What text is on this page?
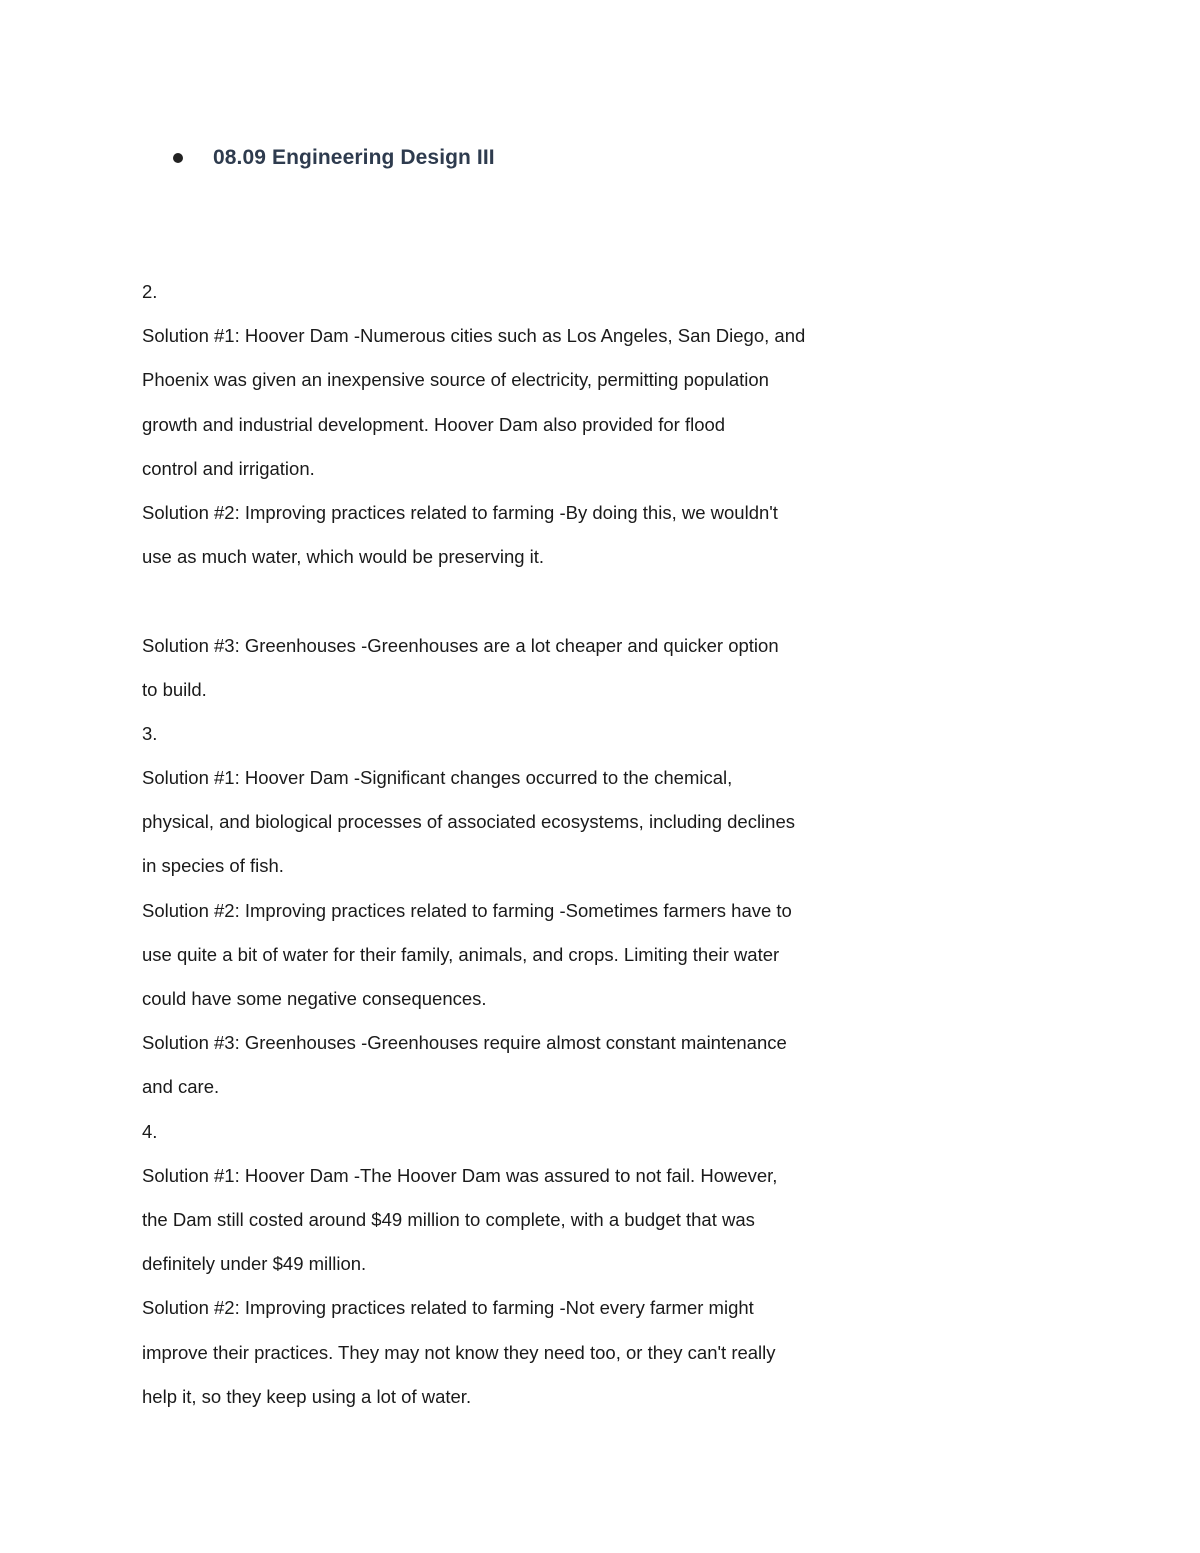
08.09 Engineering Design III
2.
Solution #1: Hoover Dam -Numerous cities such as Los Angeles, San Diego, and
Phoenix was given an inexpensive source of electricity, permitting population
growth and industrial development. Hoover Dam also provided for flood
control and irrigation.
Solution #2: Improving practices related to farming -By doing this, we wouldn't
use as much water, which would be preserving it.
Solution #3: Greenhouses -Greenhouses are a lot cheaper and quicker option
to build.
3.
Solution #1: Hoover Dam -Significant changes occurred to the chemical,
physical, and biological processes of associated ecosystems, including declines
in species of fish.
Solution #2: Improving practices related to farming -Sometimes farmers have to
use quite a bit of water for their family, animals, and crops. Limiting their water
could have some negative consequences.
Solution #3: Greenhouses -Greenhouses require almost constant maintenance
and care.
4.
Solution #1: Hoover Dam -The Hoover Dam was assured to not fail. However,
the Dam still costed around $49 million to complete, with a budget that was
definitely under $49 million.
Solution #2: Improving practices related to farming -Not every farmer might
improve their practices. They may not know they need too, or they can't really
help it, so they keep using a lot of water.
